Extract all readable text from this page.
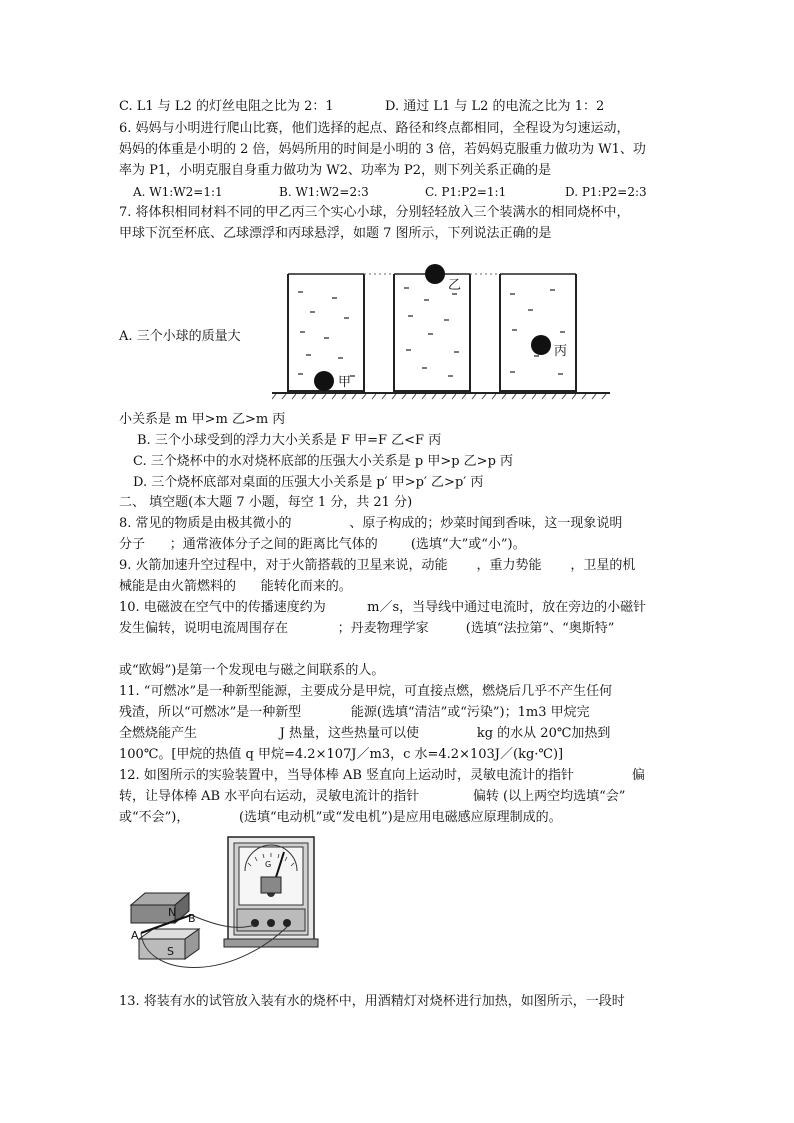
C. L1 与 L2 的灯丝电阻之比为 2：1	D. 通过 L1 与 L2 的电流之比为 1：2
6. 妈妈与小明进行爬山比赛，他们选择的起点、路径和终点都相同，全程设为匀速运动，
妈妈的体重是小明的 2 倍，妈妈所用的时间是小明的 3 倍，若妈妈克服重力做功为 W1、功
率为 P1，小明克服自身重力做功为 W2、功率为 P2，则下列关系正确的是
A. W1:W2=1:1	B. W1:W2=2:3	C. P1:P2=1:1	D. P1:P2=2:3
7. 将体积相同材料不同的甲乙丙三个实心小球，分别轻轻放入三个装满水的相同烧杯中，
甲球下沉至杯底、乙球漂浮和丙球悬浮，如题 7 图所示，下列说法正确的是
A. 三个小球的质量大
甲
乙
丙
小关系是 m 甲>m 乙>m 丙
B. 三个小球受到的浮力大小关系是 F 甲=F 乙<F 丙
C. 三个烧杯中的水对烧杯底部的压强大小关系是 p 甲>p 乙>p 丙
D. 三个烧杯底部对桌面的压强大小关系是 p′ 甲>p′ 乙>p′ 丙
二、 填空题(本大题 7 小题，每空 1 分，共 21 分)
8. 常见的物质是由极其微小的              、原子构成的；炒菜时闻到香味，这一现象说明
分子      ；通常液体分子之间的距离比气体的        (选填“大”或“小”)。
9. 火箭加速升空过程中，对于火箭搭载的卫星来说，动能       ，重力势能       ，卫星的机
械能是由火箭燃料的      能转化而来的。
10. 电磁波在空气中的传播速度约为          m／s，当导线中通过电流时，放在旁边的小磁针
发生偏转，说明电流周围存在            ；丹麦物理学家         (选填“法拉第”、“奥斯特”
或“欧姆”)是第一个发现电与磁之间联系的人。
11. “可燃冰”是一种新型能源，主要成分是甲烷，可直接点燃，燃烧后几乎不产生任何
残渣，所以“可燃冰”是一种新型            能源(选填“清洁”或“污染”)；1m3 甲烷完
全燃烧能产生                    J 热量，这些热量可以使              kg 的水从 20℃加热到
100℃。[甲烷的热值 q 甲烷=4.2×107J／m3，c 水=4.2×103J／(kg·℃)]
12. 如图所示的实验装置中，当导体棒 AB 竖直向上运动时，灵敏电流计的指针              偏
转，让导体棒 AB 水平向右运动，灵敏电流计的指针             偏转 (以上两空均选填“会”
或“不会”)，            (选填“电动机”或“发电机”)是应用电磁感应原理制成的。
N
S
A
B
G
13. 将装有水的试管放入装有水的烧杯中，用酒精灯对烧杯进行加热，如图所示，一段时
